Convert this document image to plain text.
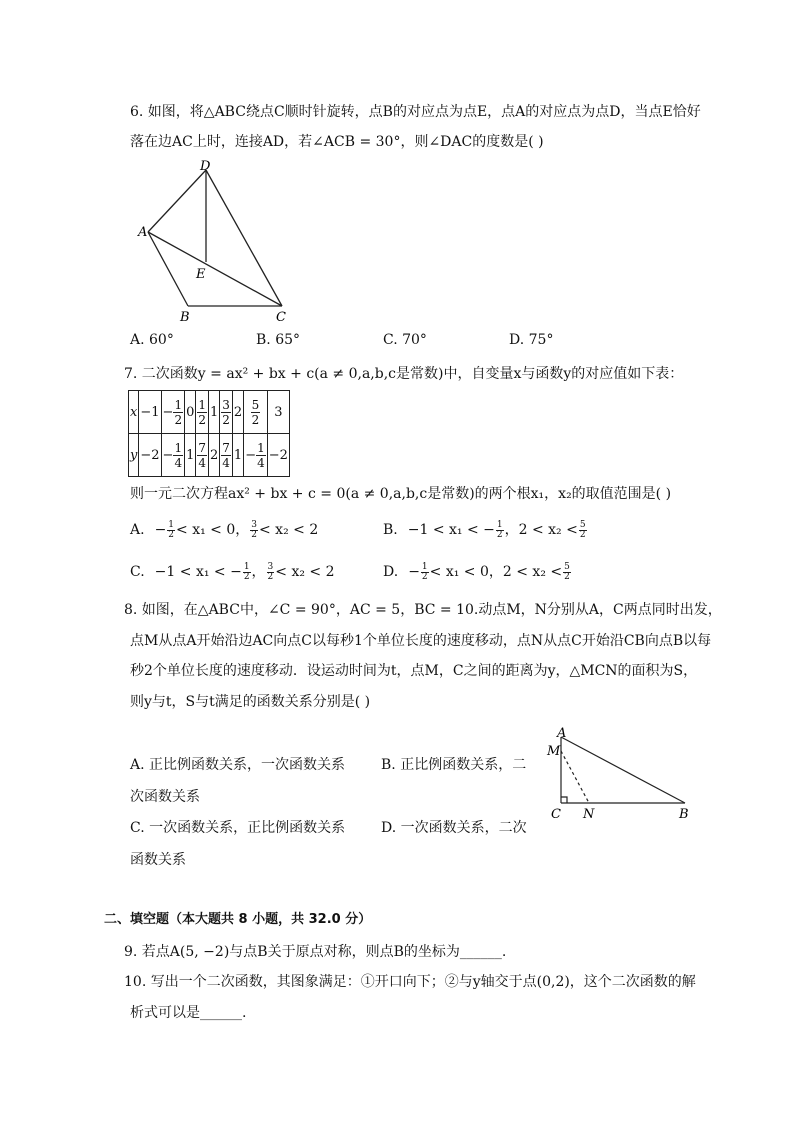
6. 如图，将△ABC绕点C顺时针旋转，点B的对应点为点E，点A的对应点为点D，当点E恰好
落在边AC上时，连接AD，若∠ACB = 30°，则∠DAC的度数是( )
D
A
E
B	C
A. 60°	B. 65°	C. 70°	D. 75°
7. 二次函数y = ax² + bx + c(a ≠ 0,a,b,c是常数)中，自变量x与函数y的对应值如下表：
x	−1	− $\frac{1}{2}$	0	$\frac{1}{2}$	1	$\frac{3}{2}$	2	$\frac{5}{2}$	3
y	−2	− $\frac{1}{4}$	1	$\frac{7}{4}$	2	$\frac{7}{4}$	1	− $\frac{1}{4}$	−2
则一元二次方程ax² + bx + c = 0(a ≠ 0,a,b,c是常数)的两个根x₁，x₂的取值范围是( )
A. − $\frac{1}{2} < x_1 < 0$， $\frac{3}{2} < x_2 < 2$	B. −1 < x₁ < − $\frac{1}{2}$ ，$2 < x_2 < \frac{5}{2}$
C. −1 < x₁ < − $\frac{1}{2}$ ， $\frac{3}{2} < x_2 < 2$	D. − $\frac{1}{2} < x_1 < 0$，$2 < x_2 < \frac{5}{2}$
8. 如图，在△ABC中，∠C = 90°，AC = 5，BC = 10.动点M，N分别从A，C两点同时出发，
点M从点A开始沿边AC向点C以每秒1个单位长度的速度移动，点N从点C开始沿CB向点B以每
秒2个单位长度的速度移动．设运动时间为t，点M，C之间的距离为y，△MCN的面积为S，
则y与t，S与t满足的函数关系分别是( )
A. 正比例函数关系，一次函数关系	B. 正比例函数关系，二
次函数关系
C. 一次函数关系，正比例函数关系	D. 一次函数关系，二次
函数关系
A
M
C N	B
二、填空题（本大题共 8 小题，共 32.0 分）
9. 若点A(5, −2)与点B关于原点对称，则点B的坐标为______.
10. 写出一个二次函数，其图象满足：①开口向下；②与y轴交于点(0,2)，这个二次函数的解
析式可以是______.
